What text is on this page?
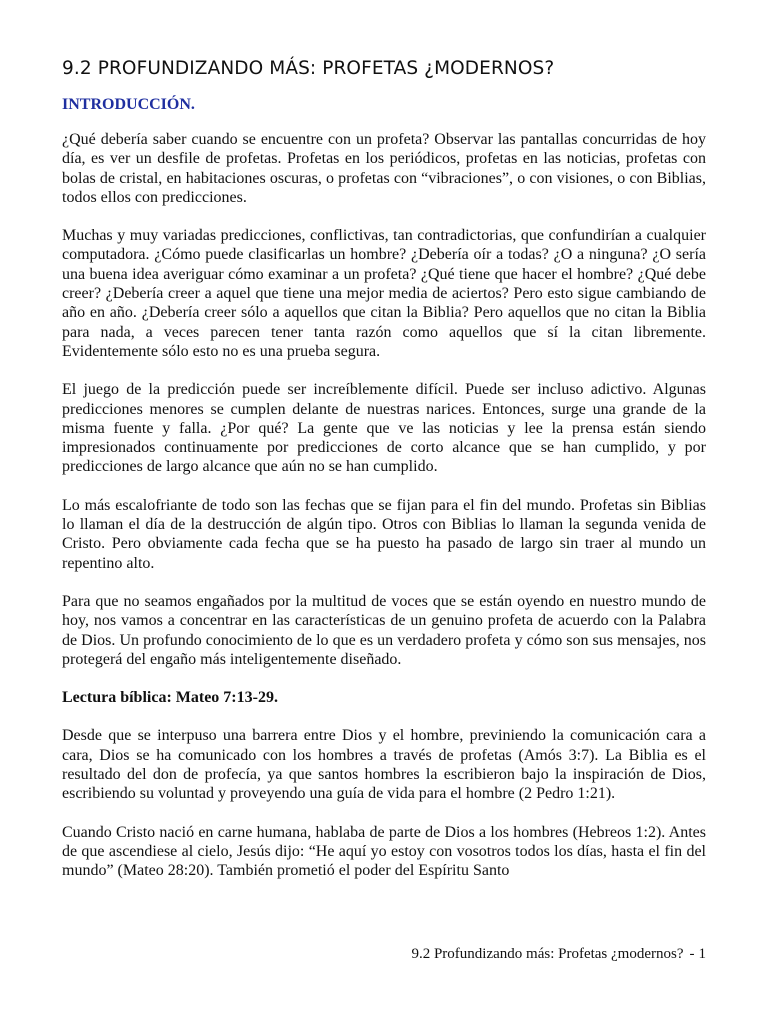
9.2 PROFUNDIZANDO MÁS: PROFETAS ¿MODERNOS?
INTRODUCCIÓN.

¿Qué debería saber cuando se encuentre con un profeta? Observar las pantallas concurridas de hoy día, es ver un desfile de profetas. Profetas en los periódicos, profetas en las noticias, profetas con bolas de cristal, en habitaciones oscuras, o profetas con “vibraciones”, o con visiones, o con Biblias, todos ellos con predicciones.

Muchas y muy variadas predicciones, conflictivas, tan contradictorias, que confundirían a cualquier computadora. ¿Cómo puede clasificarlas un hombre? ¿Debería oír a todas? ¿O a ninguna? ¿O sería una buena idea averiguar cómo examinar a un profeta? ¿Qué tiene que hacer el hombre? ¿Qué debe creer? ¿Debería creer a aquel que tiene una mejor media de aciertos? Pero esto sigue cambiando de año en año. ¿Debería creer sólo a aquellos que citan la Biblia? Pero aquellos que no citan la Biblia para nada, a veces parecen tener tanta razón como aquellos que sí la citan libremente. Evidentemente sólo esto no es una prueba segura.

El juego de la predicción puede ser increíblemente difícil. Puede ser incluso adictivo. Algunas predicciones menores se cumplen delante de nuestras narices. Entonces, surge una grande de la misma fuente y falla. ¿Por qué? La gente que ve las noticias y lee la prensa están siendo impresionados continuamente por predicciones de corto alcance que se han cumplido, y por predicciones de largo alcance que aún no se han cumplido.

Lo más escalofriante de todo son las fechas que se fijan para el fin del mundo. Profetas sin Biblias lo llaman el día de la destrucción de algún tipo. Otros con Biblias lo llaman la segunda venida de Cristo. Pero obviamente cada fecha que se ha puesto ha pasado de largo sin traer al mundo un repentino alto.

Para que no seamos engañados por la multitud de voces que se están oyendo en nuestro mundo de hoy, nos vamos a concentrar en las características de un genuino profeta de acuerdo con la Palabra de Dios. Un profundo conocimiento de lo que es un verdadero profeta y cómo son sus mensajes, nos protegerá del engaño más inteligentemente diseñado.

Lectura bíblica: Mateo 7:13-29.

Desde que se interpuso una barrera entre Dios y el hombre, previniendo la comunicación cara a cara, Dios se ha comunicado con los hombres a través de profetas (Amós 3:7). La Biblia es el resultado del don de profecía, ya que santos hombres la escribieron bajo la inspiración de Dios, escribiendo su voluntad y proveyendo una guía de vida para el hombre (2 Pedro 1:21).

Cuando Cristo nació en carne humana, hablaba de parte de Dios a los hombres (Hebreos 1:2). Antes de que ascendiese al cielo, Jesús dijo: “He aquí yo estoy con vosotros todos los días, hasta el fin del mundo” (Mateo 28:20). También prometió el poder del Espíritu Santo

9.2 Profundizando más: Profetas ¿modernos? - 1
